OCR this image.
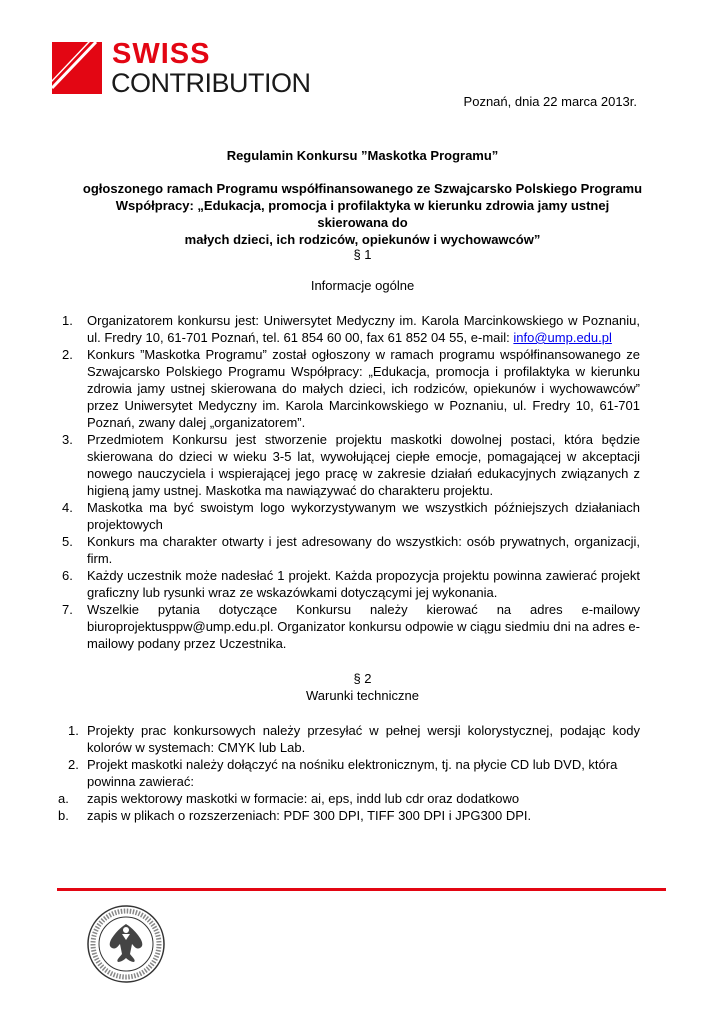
SWISS
CONTRIBUTION
Poznań, dnia 22 marca 2013r.
Regulamin Konkursu ”Maskotka Programu”
ogłoszonego ramach Programu współfinansowanego ze Szwajcarsko Polskiego Programu
Współpracy: „Edukacja, promocja i profilaktyka w kierunku zdrowia jamy ustnej skierowana do
małych dzieci, ich rodziców, opiekunów i wychowawców”
§ 1
Informacje ogólne
1.	Organizatorem konkursu jest: Uniwersytet Medyczny im. Karola Marcinkowskiego w Poznaniu, ul. Fredry 10, 61-701 Poznań, tel. 61 854 60 00, fax 61 852 04 55, e-mail: info@ump.edu.pl
2.	Konkurs ”Maskotka Programu” został ogłoszony w ramach programu współfinansowanego ze Szwajcarsko Polskiego Programu Współpracy: „Edukacja, promocja i profilaktyka w kierunku zdrowia jamy ustnej skierowana do małych dzieci, ich rodziców, opiekunów i wychowawców” przez Uniwersytet Medyczny im. Karola Marcinkowskiego w Poznaniu, ul. Fredry 10, 61-701 Poznań, zwany dalej „organizatorem”.
3.	Przedmiotem Konkursu jest stworzenie projektu maskotki dowolnej postaci, która będzie skierowana do dzieci w wieku 3-5 lat, wywołującej ciepłe emocje, pomagającej w akceptacji nowego nauczyciela i wspierającej jego pracę w zakresie działań edukacyjnych związanych z higieną jamy ustnej. Maskotka ma nawiązywać do charakteru projektu.
4.	Maskotka ma być swoistym logo wykorzystywanym we wszystkich późniejszych działaniach projektowych
5.	Konkurs ma charakter otwarty i jest adresowany do wszystkich: osób prywatnych, organizacji, firm.
6.	Każdy uczestnik może nadesłać 1 projekt. Każda propozycja projektu powinna zawierać projekt graficzny lub rysunki wraz ze wskazówkami dotyczącymi jej wykonania.
7.	Wszelkie pytania dotyczące Konkursu należy kierować na adres e-mailowy biuroprojektusppw@ump.edu.pl. Organizator konkursu odpowie w ciągu siedmiu dni na adres e-mailowy podany przez Uczestnika.
§ 2
Warunki techniczne
1. Projekty prac konkursowych należy przesyłać w pełnej wersji kolorystycznej, podając kody kolorów w systemach: CMYK lub Lab.
2. Projekt maskotki należy dołączyć na nośniku elektronicznym, tj. na płycie CD lub DVD, która powinna zawierać:
a.	zapis wektorowy maskotki w formacie: ai, eps, indd lub cdr oraz dodatkowo
b.	zapis w plikach o rozszerzeniach: PDF 300 DPI, TIFF 300 DPI i JPG300 DPI.
